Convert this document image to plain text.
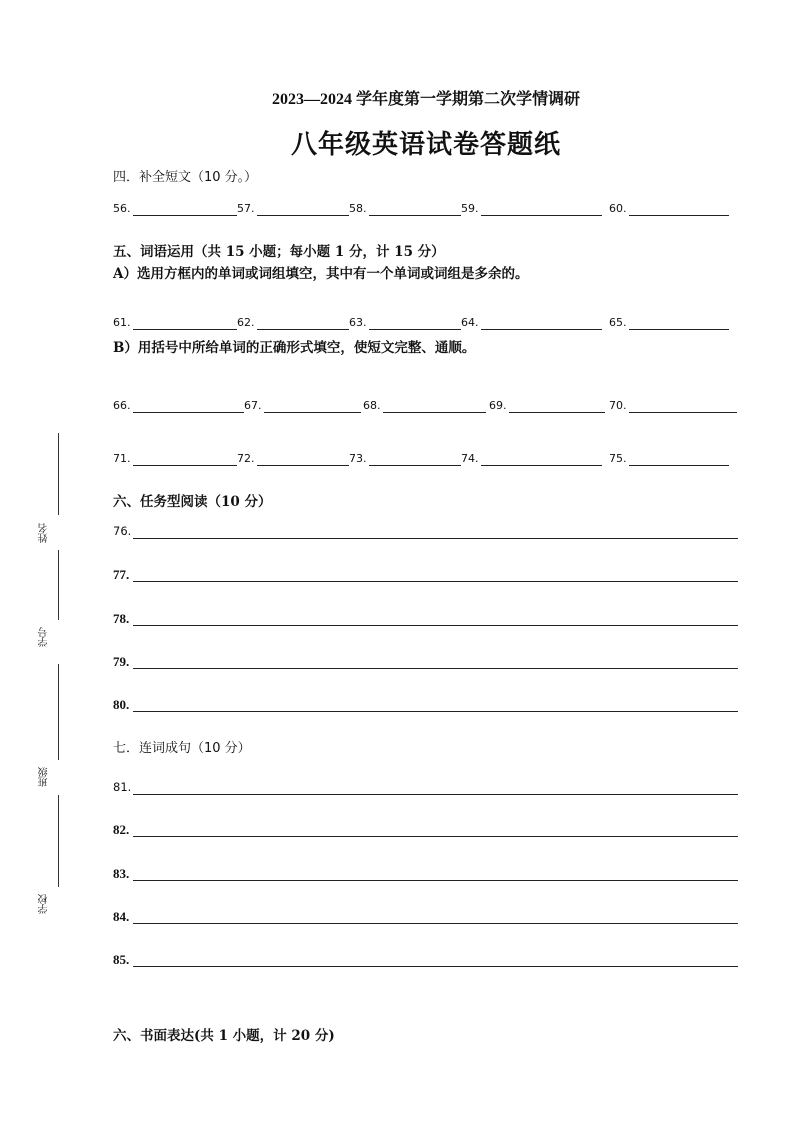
2023—2024 学年度第一学期第二次学情调研
八年级英语试卷答题纸
姓名
学号
班级
学校
四．补全短文（10 分。）
56.	57.	58.	59.	60.
五、词语运用（共 15 小题；每小题 1 分，计 15 分）
A）选用方框内的单词或词组填空，其中有一个单词或词组是多余的。
61.	62.	63.	64.	65.
B）用括号中所给单词的正确形式填空，使短文完整、通顺。
66.	67.	68.	69.	70.
71.	72.	73.	74.	75.
六、任务型阅读（10 分）
76.
77.
78.
79.
80.
七．连词成句（10 分）
81.
82.
83.
84.
85.
六、书面表达(共 1 小题，计 20 分)
